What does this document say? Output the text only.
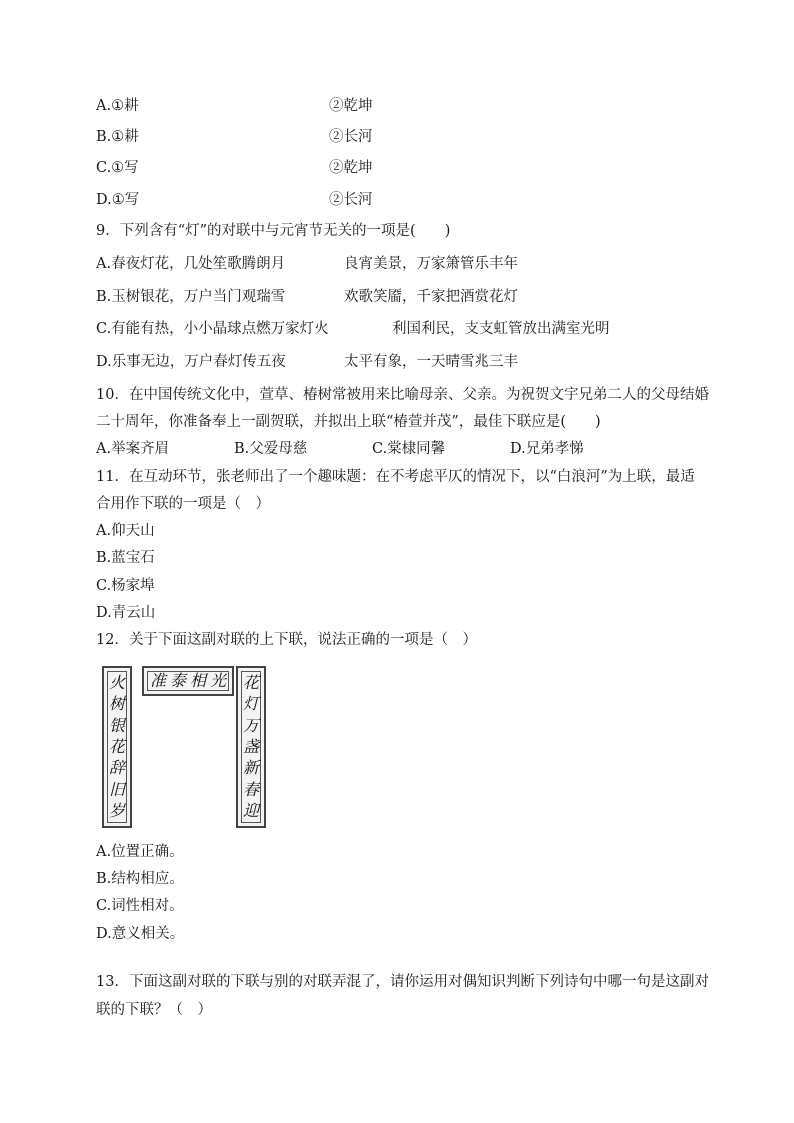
A.①耕	②乾坤
B.①耕	②长河
C.①写	②乾坤
D.①写	②长河
9．下列含有“灯”的对联中与元宵节无关的一项是(　　)
A.春夜灯花，几处笙歌腾朗月	良宵美景，万家箫管乐丰年
B.玉树银花，万户当门观瑞雪	欢歌笑靥，千家把酒赏花灯
C.有能有热，小小晶球点燃万家灯火	利国利民，支支虹管放出满室光明
D.乐事无边，万户春灯传五夜	太平有象，一天晴雪兆三丰
10．在中国传统文化中，萱草、椿树常被用来比喻母亲、父亲。为祝贺文宇兄弟二人的父母结婚
二十周年，你准备奉上一副贺联，并拟出上联“椿萱并茂”，最佳下联应是(　　)
A.举案齐眉	B.父爱母慈	C.棠棣同馨	D.兄弟孝悌
11．在互动环节，张老师出了一个趣味题：在不考虑平仄的情况下，以“白浪河”为上联，最适
合用作下联的一项是（　）
A.仰天山
B.蓝宝石
C.杨家埠
D.青云山
12．关于下面这副对联的上下联，说法正确的一项是（　）
火
树
银
花
辞
旧
岁
准 泰 相 光 花
灯
万
盏
新
春
迎
A.位置正确。
B.结构相应。
C.词性相对。
D.意义相关。
13．下面这副对联的下联与别的对联弄混了，请你运用对偶知识判断下列诗句中哪一句是这副对
联的下联？（　）
